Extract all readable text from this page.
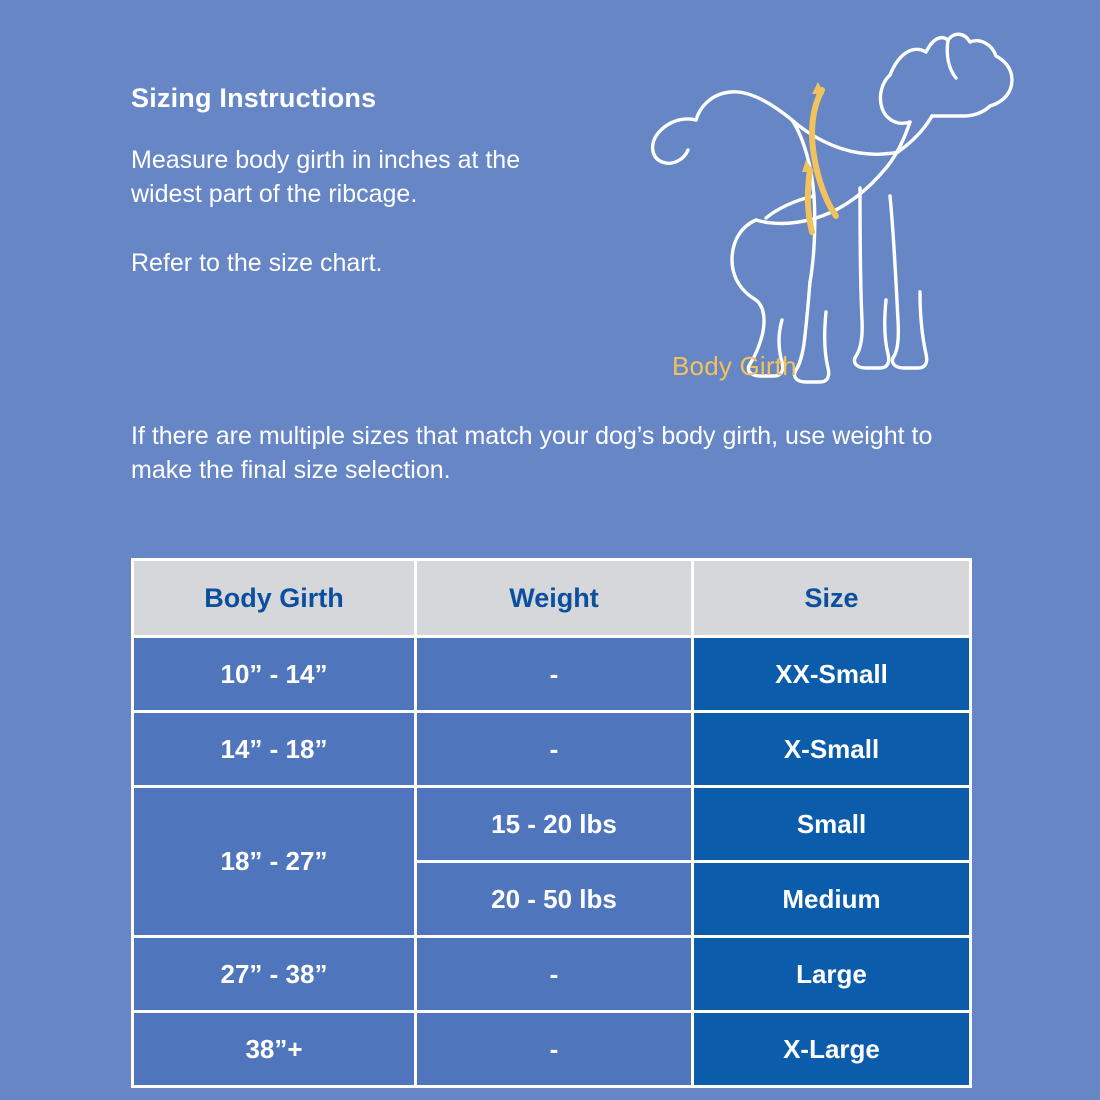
Sizing Instructions

Measure body girth in inches at the widest part of the ribcage.

Refer to the size chart.

If there are multiple sizes that match your dog’s body girth, use weight to make the final size selection.
Body Girth
Body Girth	Weight	Size
10” - 14”	-	XX-Small
14” - 18”	-	X-Small
18” - 27”	15 - 20 lbs	Small
	20 - 50 lbs	Medium
27” - 38”	-	Large
38”+	-	X-Large
